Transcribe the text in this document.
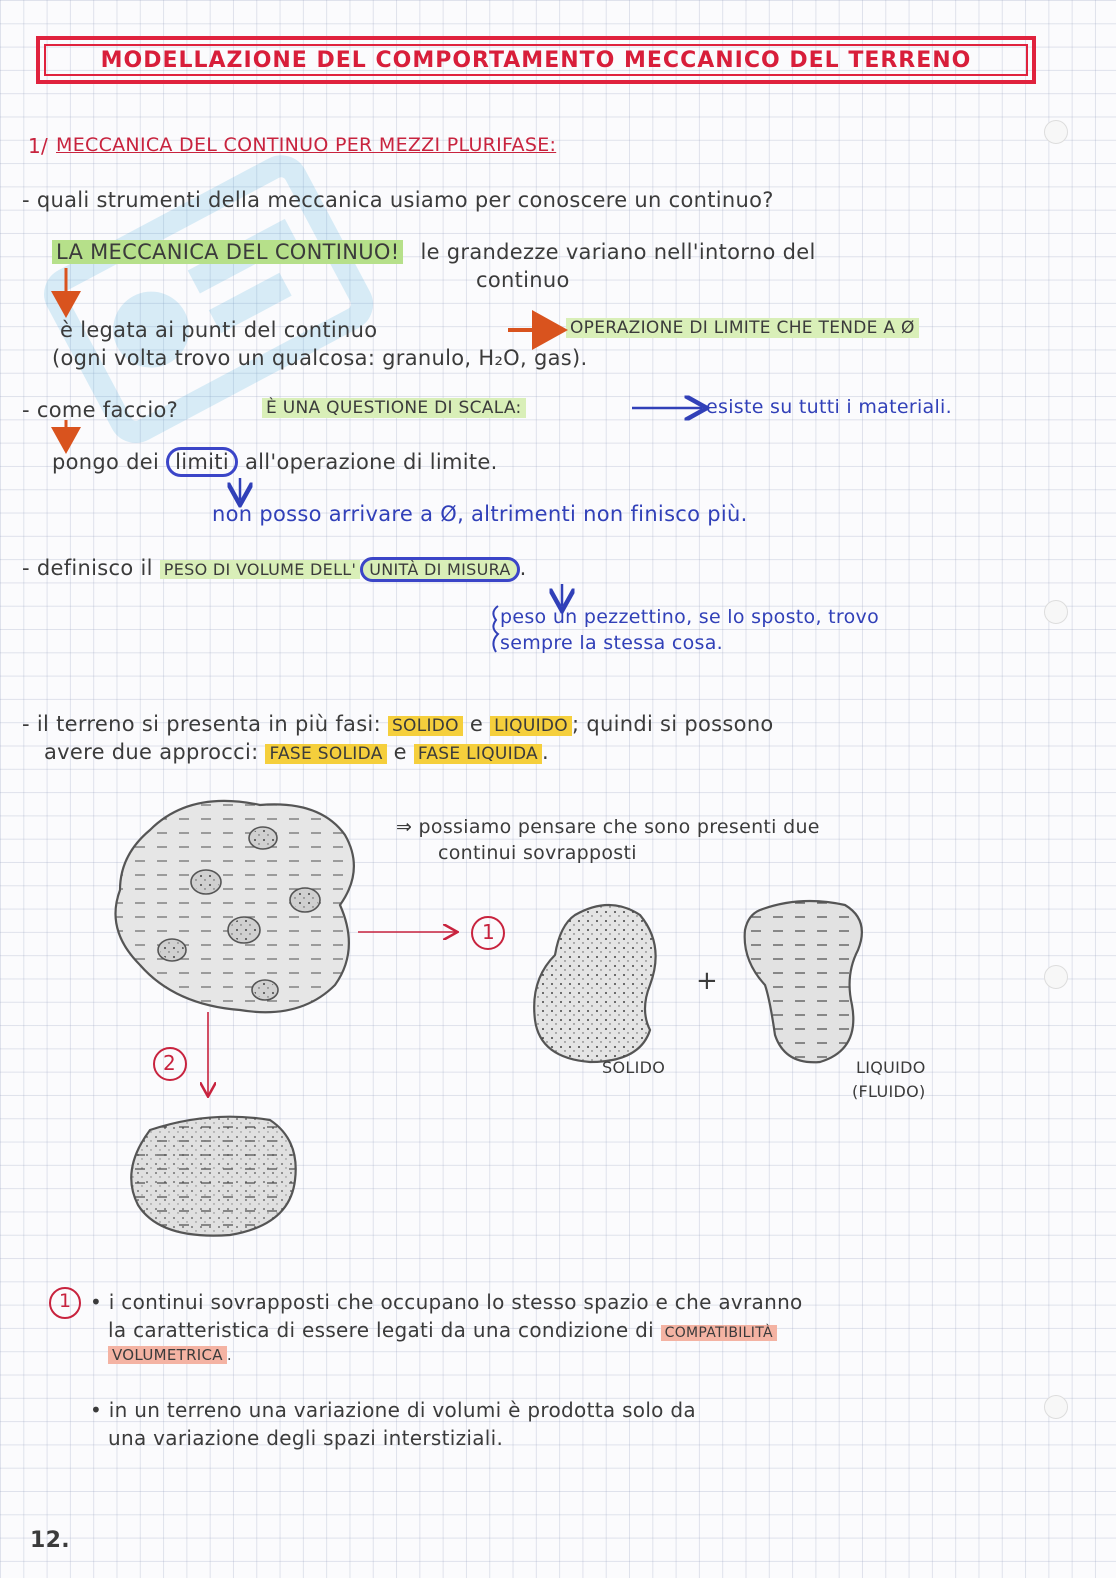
MODELLAZIONE DEL COMPORTAMENTO MECCANICO DEL TERRENO
1/ MECCANICA DEL CONTINUO PER MEZZI PLURIFASE:
- quali strumenti della meccanica usiamo per conoscere un continuo?
LA MECCANICA DEL CONTINUO! le grandezze variano nell'intorno del
continuo
è legata ai punti del continuo	OPERAZIONE DI LIMITE CHE TENDE A Ø
(ogni volta trovo un qualcosa: granulo, H₂O, gas).
- come faccio?	È UNA QUESTIONE DI SCALA:	esiste su tutti i materiali.
pongo dei limiti all'operazione di limite.
non posso arrivare a Ø, altrimenti non finisco più.
- definisco il PESO DI VOLUME DELL' UNITÀ DI MISURA .
peso un pezzettino, se lo sposto, trovo
sempre la stessa cosa.
- il terreno si presenta in più fasi: SOLIDO e LIQUIDO ; quindi si possono
avere due approcci: FASE SOLIDA e FASE LIQUIDA .
⇒ possiamo pensare che sono presenti due
continui sovrapposti
1
2
+
SOLIDO	LIQUIDO
(FLUIDO)
1 • i continui sovrapposti che occupano lo stesso spazio e che avranno
la caratteristica di essere legati da una condizione di COMPATIBILITÀ
VOLUMETRICA .
• in un terreno una variazione di volumi è prodotta solo da
una variazione degli spazi interstiziali.
12.
